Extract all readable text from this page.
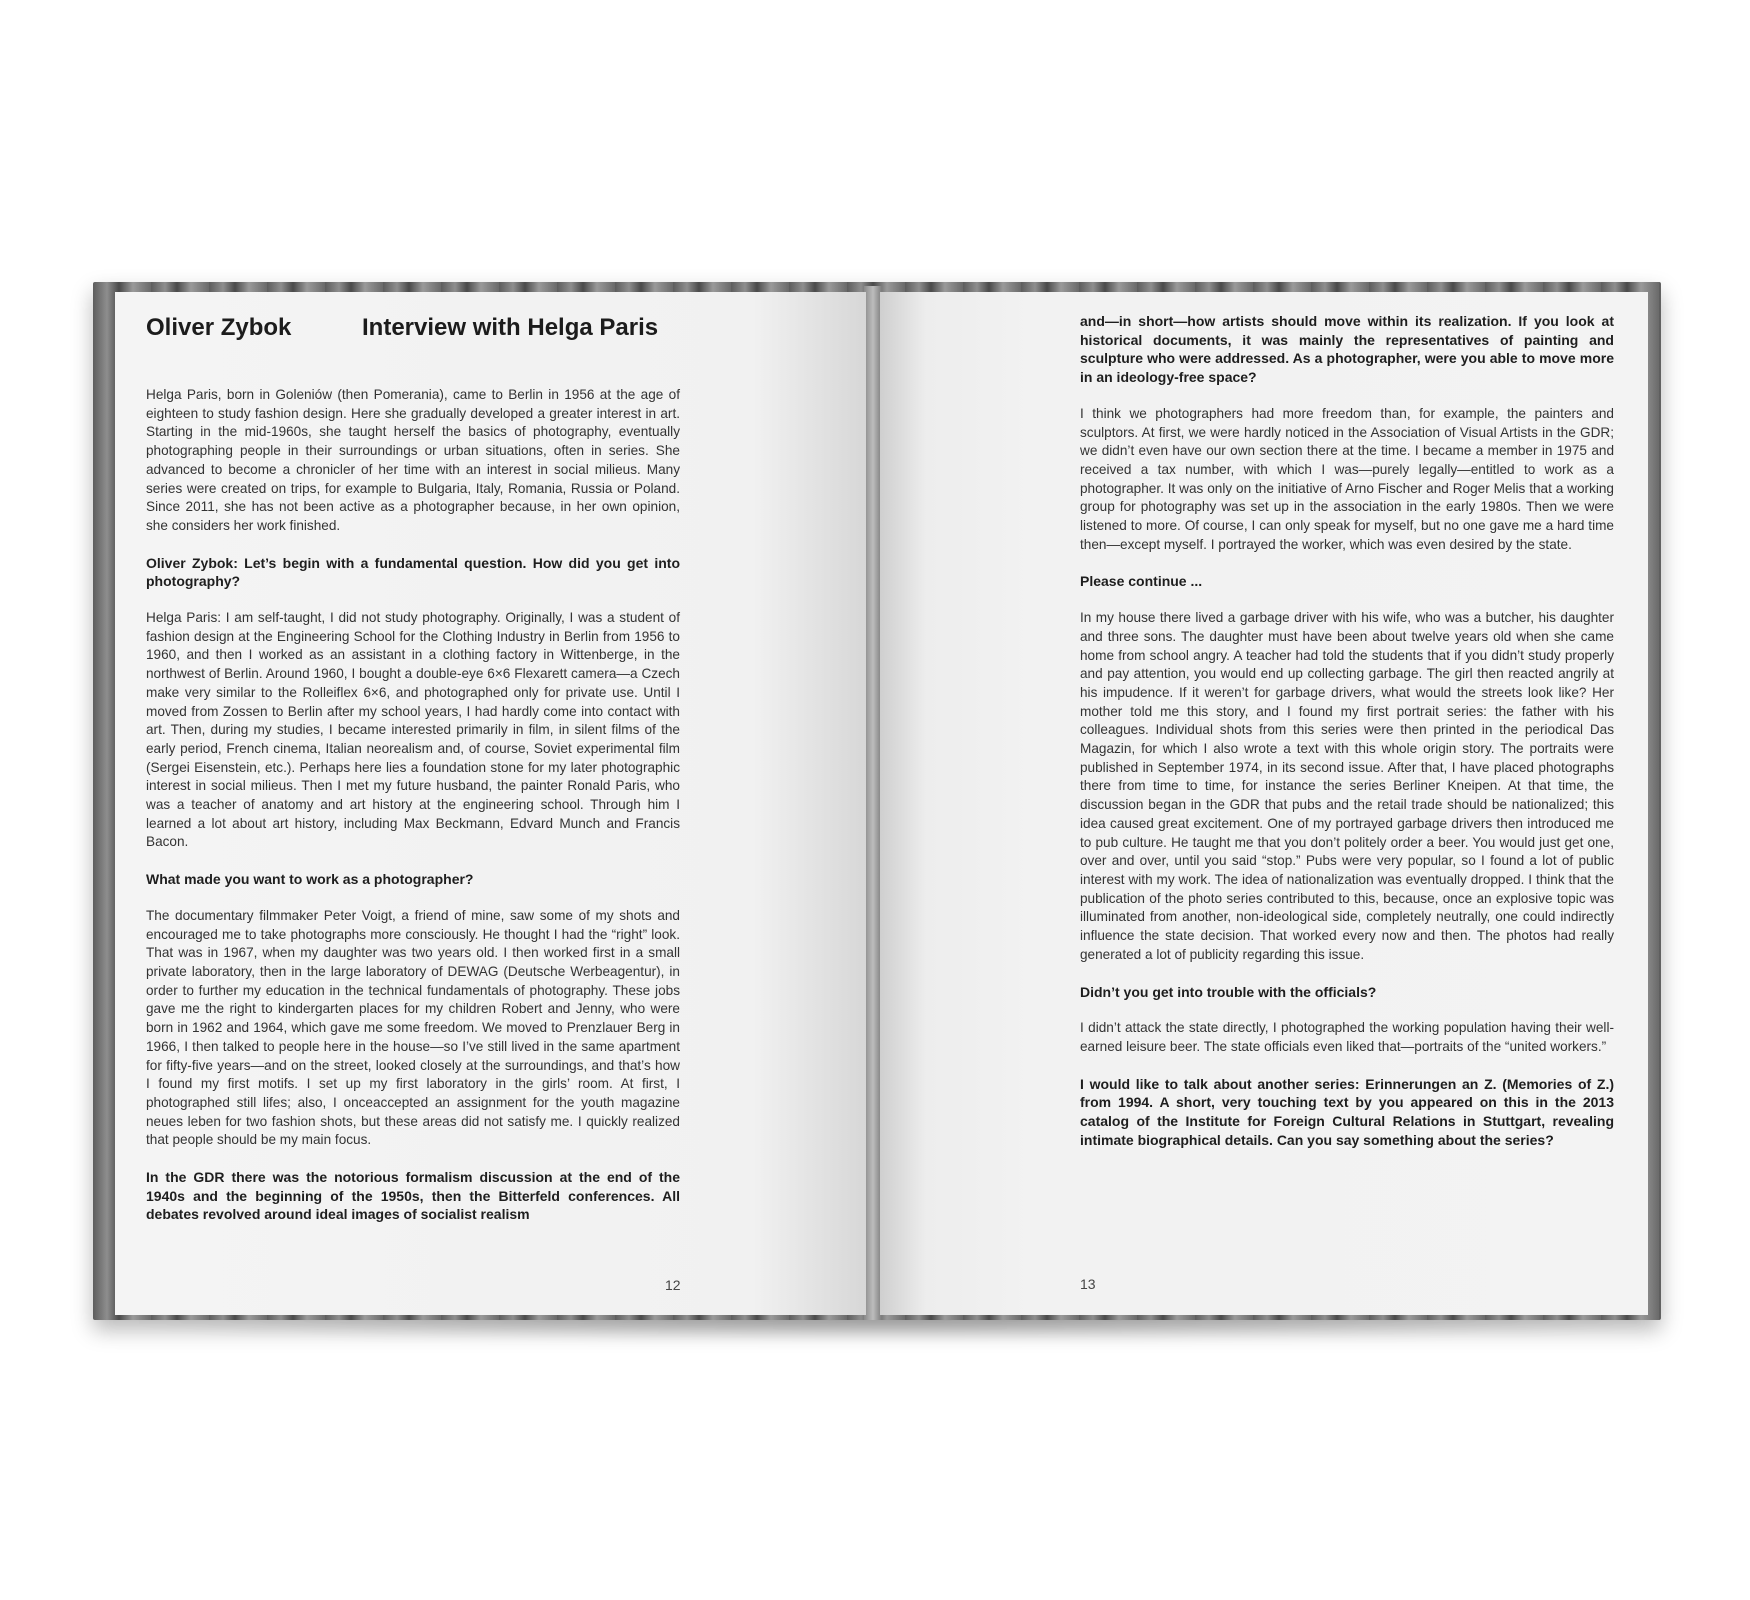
Oliver Zybok	Interview with Helga Paris

Helga Paris, born in Goleniów (then Pomerania), came to Berlin in 1956 at the age of eighteen to study fashion design. Here she gradually developed a greater interest in art. Starting in the mid-1960s, she taught herself the basics of photography, eventually photographing people in their surroundings or urban situations, often in series. She advanced to become a chronicler of her time with an interest in social milieus. Many series were created on trips, for example to Bulgaria, Italy, Romania, Russia or Poland. Since 2011, she has not been active as a photographer because, in her own opinion, she considers her work finished.

Oliver Zybok: Let’s begin with a fundamental question. How did you get into photography?

Helga Paris: I am self-taught, I did not study photography. Originally, I was a student of fashion design at the Engineering School for the Clothing Industry in Berlin from 1956 to 1960, and then I worked as an assistant in a clothing factory in Wittenberge, in the northwest of Berlin. Around 1960, I bought a double-eye 6×6 Flexarett camera—a Czech make very similar to the Rolleiflex 6×6, and photographed only for private use. Until I moved from Zossen to Berlin after my school years, I had hardly come into contact with art. Then, during my studies, I became interested primarily in film, in silent films of the early period, French cinema, Italian neorealism and, of course, Soviet experimental film (Sergei Eisenstein, etc.). Perhaps here lies a foundation stone for my later photographic interest in social milieus. Then I met my future husband, the painter Ronald Paris, who was a teacher of anatomy and art history at the engineering school. Through him I learned a lot about art history, including Max Beckmann, Edvard Munch and Francis Bacon.

What made you want to work as a photographer?

The documentary filmmaker Peter Voigt, a friend of mine, saw some of my shots and encouraged me to take photographs more consciously. He thought I had the “right” look. That was in 1967, when my daughter was two years old. I then worked first in a small private laboratory, then in the large laboratory of DEWAG (Deutsche Werbeagentur), in order to further my education in the technical fundamentals of photography. These jobs gave me the right to kindergarten places for my children Robert and Jenny, who were born in 1962 and 1964, which gave me some freedom. We moved to Prenzlauer Berg in 1966, I then talked to people here in the house—so I’ve still lived in the same apartment for fifty-five years—and on the street, looked closely at the surroundings, and that’s how I found my first motifs. I set up my first laboratory in the girls’ room. At first, I photographed still lifes; also, I onceaccepted an assignment for the youth magazine neues leben for two fashion shots, but these areas did not satisfy me. I quickly realized that people should be my main focus.

In the GDR there was the notorious formalism discussion at the end of the 1940s and the beginning of the 1950s, then the Bitterfeld conferences. All debates revolved around ideal images of socialist realism

12

and—in short—how artists should move within its realization. If you look at historical documents, it was mainly the representatives of painting and sculpture who were addressed. As a photographer, were you able to move more in an ideology-free space?

I think we photographers had more freedom than, for example, the painters and sculptors. At first, we were hardly noticed in the Association of Visual Artists in the GDR; we didn’t even have our own section there at the time. I became a member in 1975 and received a tax number, with which I was—purely legally—entitled to work as a photographer. It was only on the initiative of Arno Fischer and Roger Melis that a working group for photography was set up in the association in the early 1980s. Then we were listened to more. Of course, I can only speak for myself, but no one gave me a hard time then—except myself. I portrayed the worker, which was even desired by the state.

Please continue ...

In my house there lived a garbage driver with his wife, who was a butcher, his daughter and three sons. The daughter must have been about twelve years old when she came home from school angry. A teacher had told the students that if you didn’t study properly and pay attention, you would end up collecting garbage. The girl then reacted angrily at his impudence. If it weren’t for garbage drivers, what would the streets look like? Her mother told me this story, and I found my first portrait series: the father with his colleagues. Individual shots from this series were then printed in the periodical Das Magazin, for which I also wrote a text with this whole origin story. The portraits were published in September 1974, in its second issue. After that, I have placed photographs there from time to time, for instance the series Berliner Kneipen. At that time, the discussion began in the GDR that pubs and the retail trade should be nationalized; this idea caused great excitement. One of my portrayed garbage drivers then introduced me to pub culture. He taught me that you don’t politely order a beer. You would just get one, over and over, until you said “stop.” Pubs were very popular, so I found a lot of public interest with my work. The idea of nationalization was eventually dropped. I think that the publication of the photo series contributed to this, because, once an explosive topic was illuminated from another, non-ideological side, completely neutrally, one could indirectly influence the state decision. That worked every now and then. The photos had really generated a lot of publicity regarding this issue.

Didn’t you get into trouble with the officials?

I didn’t attack the state directly, I photographed the working population having their well-earned leisure beer. The state officials even liked that—portraits of the “united workers.”

I would like to talk about another series: Erinnerungen an Z. (Memories of Z.) from 1994. A short, very touching text by you appeared on this in the 2013 catalog of the Institute for Foreign Cultural Relations in Stuttgart, revealing intimate biographical details. Can you say something about the series?

13
